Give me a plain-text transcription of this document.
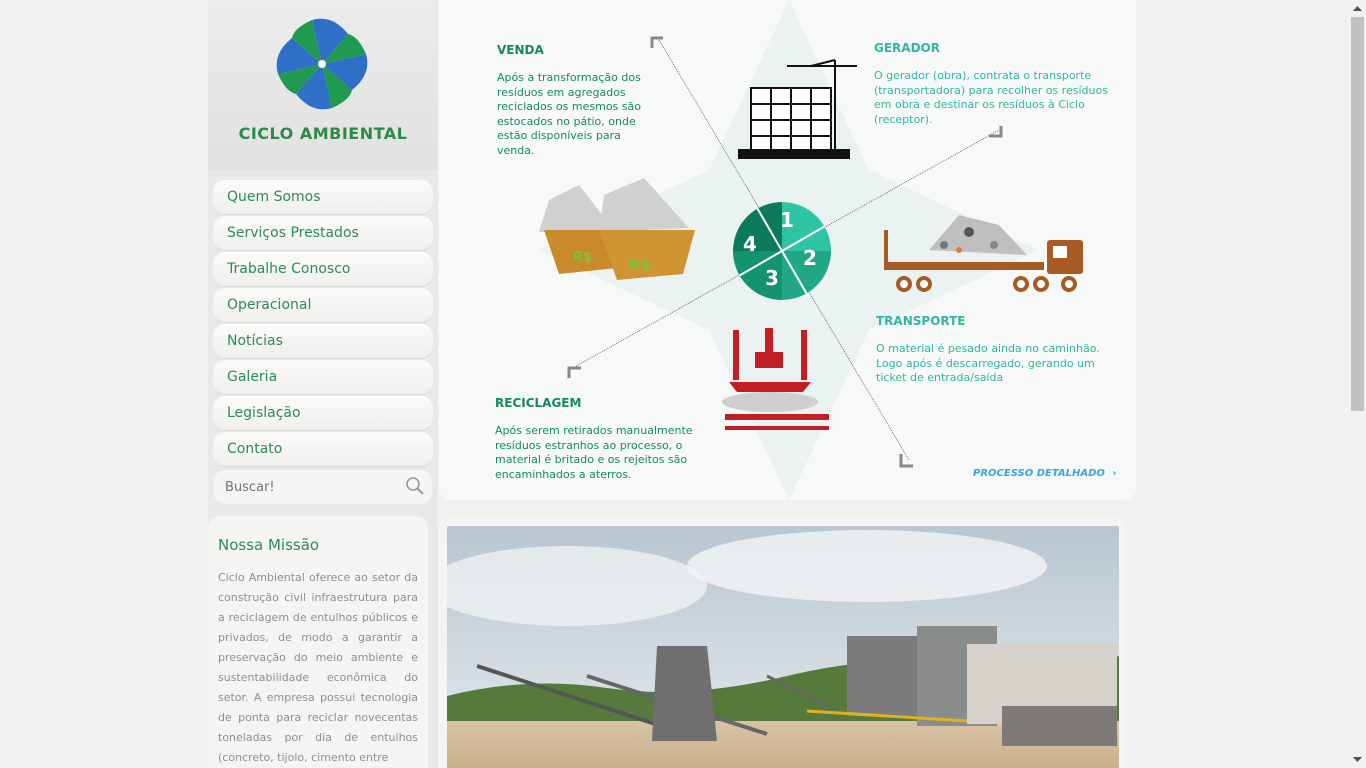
CICLO AMBIENTAL
Quem Somos
Serviços Prestados
Trabalhe Conosco
Operacional
Notícias
Galeria
Legislação
Contato
Buscar!
Nossa Missão

Ciclo Ambiental oferece ao setor da construção civil infraestrutura para a reciclagem de entulhos públicos e privados, de modo a garantir a preservação do meio ambiente e sustentabilidade econômica do setor. A empresa possui tecnologia de ponta para reciclar novecentas toneladas por dia de entulhos (concreto, tijolo, cimento entre

1
2
3
4
R$ R$
VENDA
Após a transformação dos resíduos em agregados reciclados os mesmos são estocados no pátio, onde estão disponíveis para venda.
GERADOR
O gerador (obra), contrata o transporte (transportadora) para recolher os resíduos em obra e destinar os resíduos à Ciclo (receptor).
TRANSPORTE
O material é pesado ainda no caminhão. Logo após é descarregado, gerando um ticket de entrada/saída
RECICLAGEM
Após serem retirados manualmente resíduos estranhos ao processo, o material é britado e os rejeitos são encaminhados a aterros.	PROCESSO DETALHADO ›
